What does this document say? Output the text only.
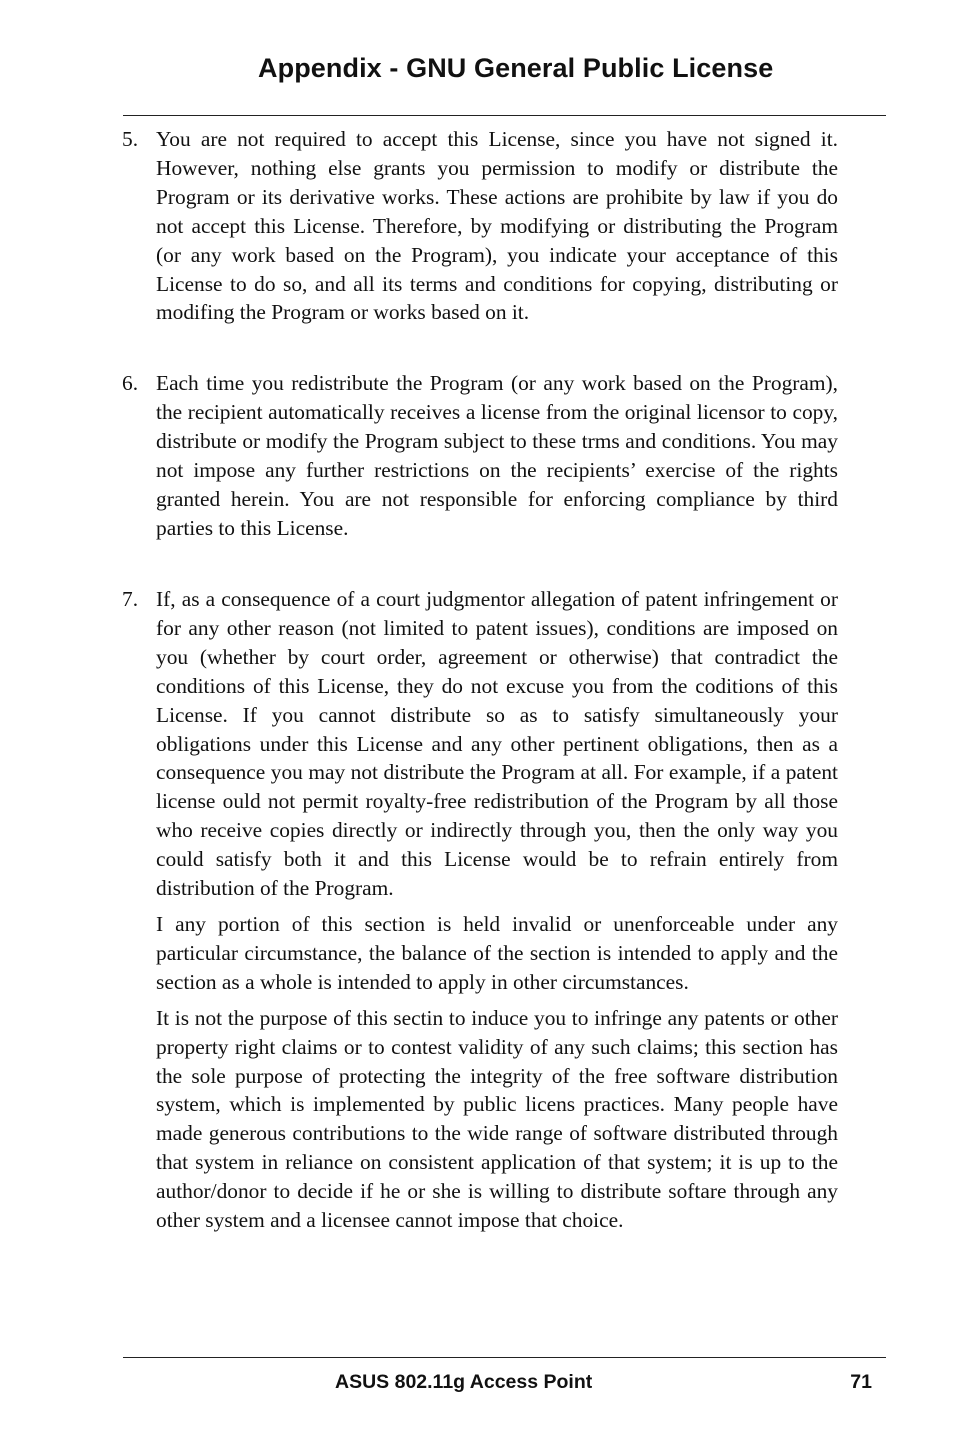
Appendix - GNU General Public License
5. You are not required to accept this License, since you have not signed it. However, nothing else grants you permission to modify or distribute the Program or its derivative works. These actions are prohibite by law if you do not accept this License. Therefore, by modifying or distributing the Program (or any work based on the Program), you indicate your acceptance of this License to do so, and all its terms and conditions for copying, distributing or modifing the Program or works based on it.

6. Each time you redistribute the Program (or any work based on the Program), the recipient automatically receives a license from the original licensor to copy, distribute or modify the Program subject to these trms and conditions. You may not impose any further restrictions on the recipients’ exercise of the rights granted herein. You are not responsible for enforcing compliance by third parties to this License.

7. If, as a consequence of a court judgmentor allegation of patent infringement or for any other reason (not limited to patent issues), conditions are imposed on you (whether by court order, agreement or otherwise) that contradict the conditions of this License, they do not excuse you from the coditions of this License. If you cannot distribute so as to satisfy simultaneously your obligations under this License and any other pertinent obligations, then as a consequence you may not distribute the Program at all. For example, if a patent license ould not permit royalty-free redistribution of the Program by all those who receive copies directly or indirectly through you, then the only way you could satisfy both it and this License would be to refrain entirely from distribution of the Program.

I any portion of this section is held invalid or unenforceable under any particular circumstance, the balance of the section is intended to apply and the section as a whole is intended to apply in other circumstances.

It is not the purpose of this sectin to induce you to infringe any patents or other property right claims or to contest validity of any such claims; this section has the sole purpose of protecting the integrity of the free software distribution system, which is implemented by public licens practices. Many people have made generous contributions to the wide range of software distributed through that system in reliance on consistent application of that system; it is up to the author/donor to decide if he or she is willing to distribute softare through any other system and a licensee cannot impose that choice.

ASUS 802.11g Access Point	71
